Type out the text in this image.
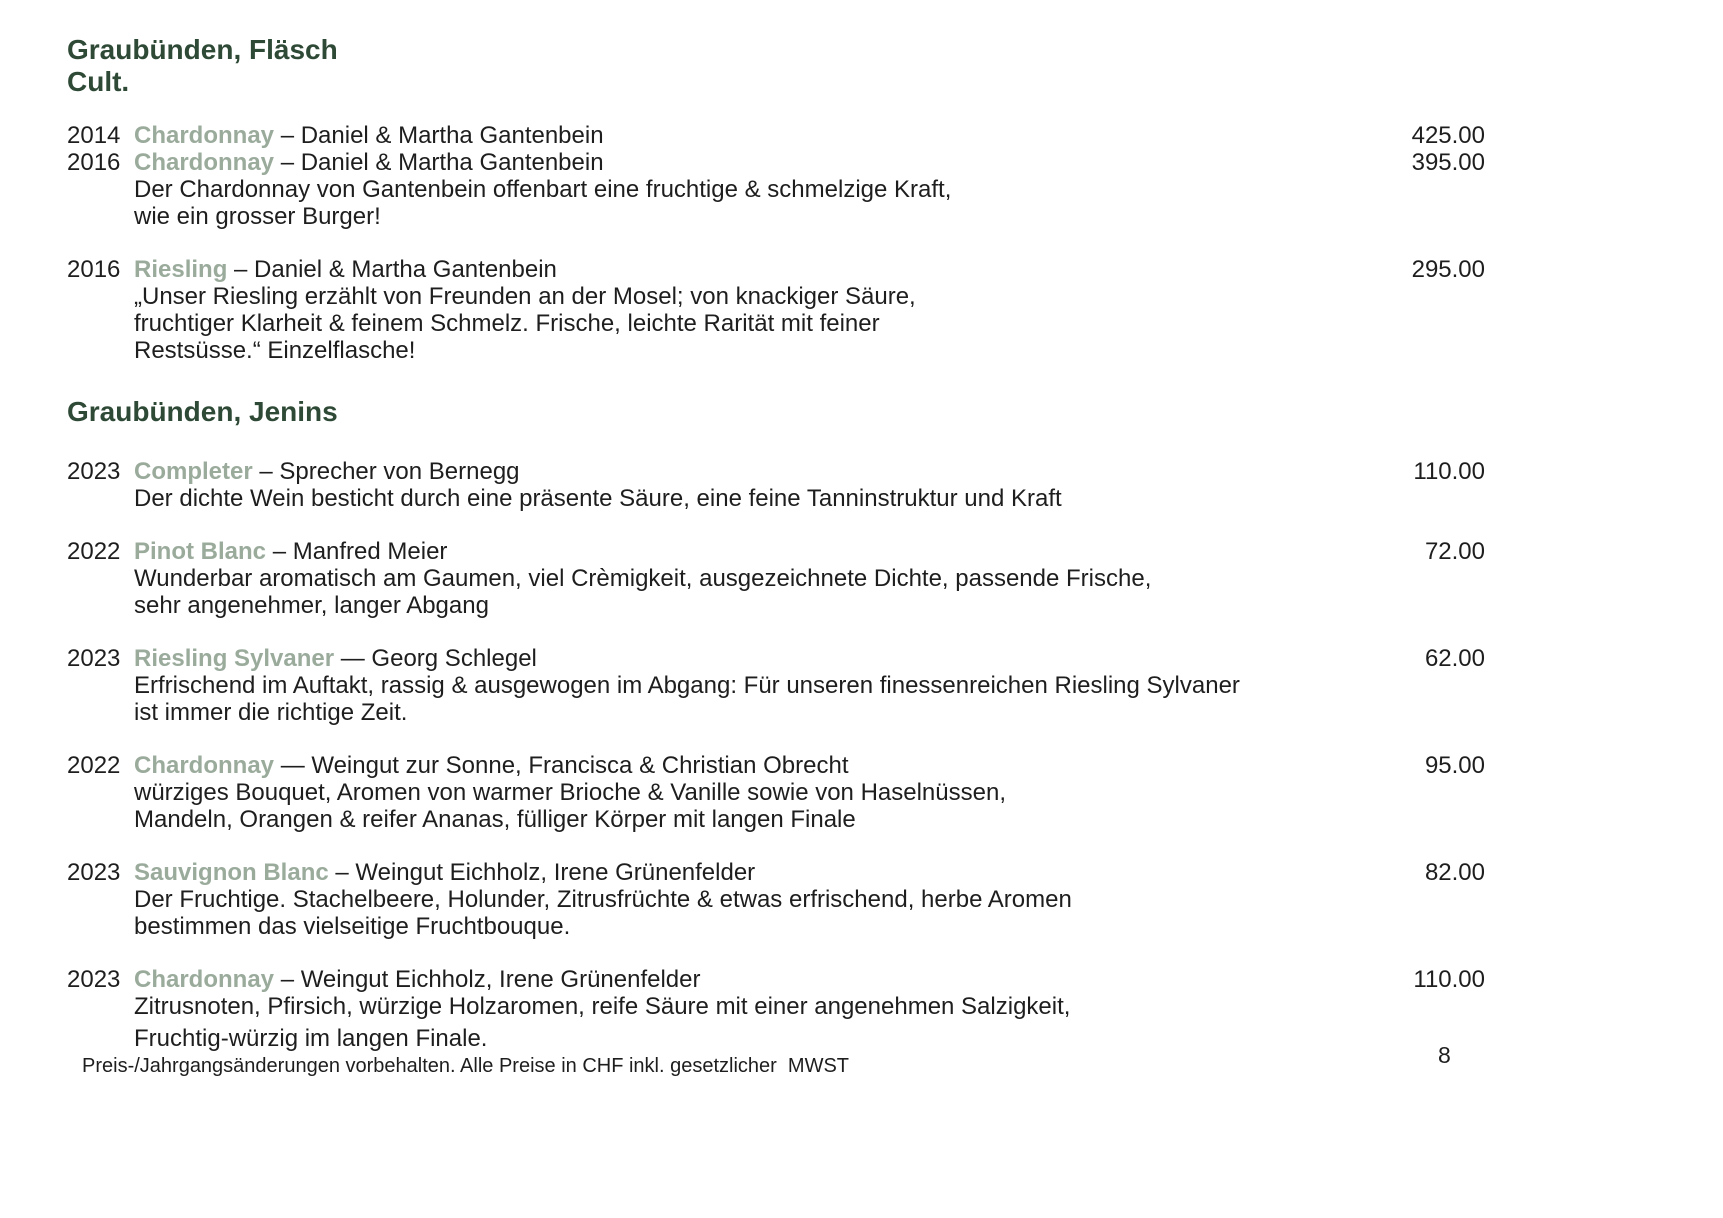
Graubünden, Fläsch
Cult.
2014 Chardonnay – Daniel & Martha Gantenbein	425.00
2016 Chardonnay – Daniel & Martha Gantenbein	395.00
Der Chardonnay von Gantenbein offenbart eine fruchtige & schmelzige Kraft,
wie ein grosser Burger!
2016 Riesling – Daniel & Martha Gantenbein	295.00
„Unser Riesling erzählt von Freunden an der Mosel; von knackiger Säure,
fruchtiger Klarheit & feinem Schmelz. Frische, leichte Rarität mit feiner
Restsüsse.“ Einzelflasche!
Graubünden, Jenins
2023 Completer – Sprecher von Bernegg	110.00
Der dichte Wein besticht durch eine präsente Säure, eine feine Tanninstruktur und Kraft
2022 Pinot Blanc – Manfred Meier	72.00
Wunderbar aromatisch am Gaumen, viel Crèmigkeit, ausgezeichnete Dichte, passende Frische,
sehr angenehmer, langer Abgang
2023 Riesling Sylvaner — Georg Schlegel	62.00
Erfrischend im Auftakt, rassig & ausgewogen im Abgang: Für unseren finessenreichen Riesling Sylvaner
ist immer die richtige Zeit.
2022 Chardonnay — Weingut zur Sonne, Francisca & Christian Obrecht	95.00
würziges Bouquet, Aromen von warmer Brioche & Vanille sowie von Haselnüssen,
Mandeln, Orangen & reifer Ananas, fülliger Körper mit langen Finale
2023 Sauvignon Blanc – Weingut Eichholz, Irene Grünenfelder	82.00
Der Fruchtige. Stachelbeere, Holunder, Zitrusfrüchte & etwas erfrischend, herbe Aromen
bestimmen das vielseitige Fruchtbouque.
2023 Chardonnay – Weingut Eichholz, Irene Grünenfelder	110.00
Zitrusnoten, Pfirsich, würzige Holzaromen, reife Säure mit einer angenehmen Salzigkeit,
Fruchtig-würzig im langen Finale.
Preis-/Jahrgangsänderungen vorbehalten. Alle Preise in CHF inkl. gesetzlicher  MWST	8
